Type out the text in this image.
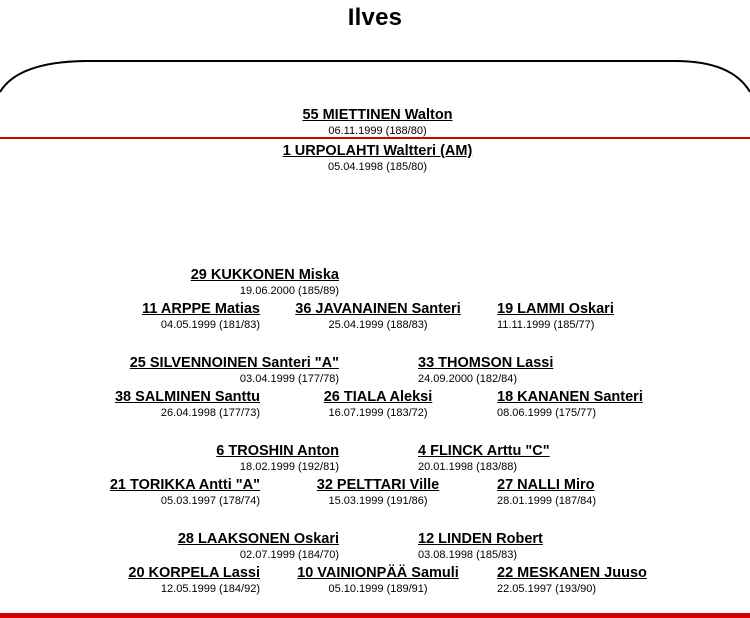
Ilves
55 MIETTINEN Walton
06.11.1999 (188/80)
1 URPOLAHTI Waltteri (AM)
05.04.1998 (185/80)
29 KUKKONEN Miska
19.06.2000 (185/89)
11 ARPPE Matias
04.05.1999 (181/83)
36 JAVANAINEN Santeri
25.04.1999 (188/83)
19 LAMMI Oskari
11.11.1999 (185/77)
25 SILVENNOINEN Santeri "A"
03.04.1999 (177/78)
33 THOMSON Lassi
24.09.2000 (182/84)
38 SALMINEN Santtu
26.04.1998 (177/73)
26 TIALA Aleksi
16.07.1999 (183/72)
18 KANANEN Santeri
08.06.1999 (175/77)
6 TROSHIN Anton
18.02.1999 (192/81)
4 FLINCK Arttu "C"
20.01.1998 (183/88)
21 TORIKKA Antti "A"
05.03.1997 (178/74)
32 PELTTARI Ville
15.03.1999 (191/86)
27 NALLI Miro
28.01.1999 (187/84)
28 LAAKSONEN Oskari
02.07.1999 (184/70)
12 LINDEN Robert
03.08.1998 (185/83)
20 KORPELA Lassi
12.05.1999 (184/92)
10 VAINIONPÄÄ Samuli
05.10.1999 (189/91)
22 MESKANEN Juuso
22.05.1997 (193/90)
